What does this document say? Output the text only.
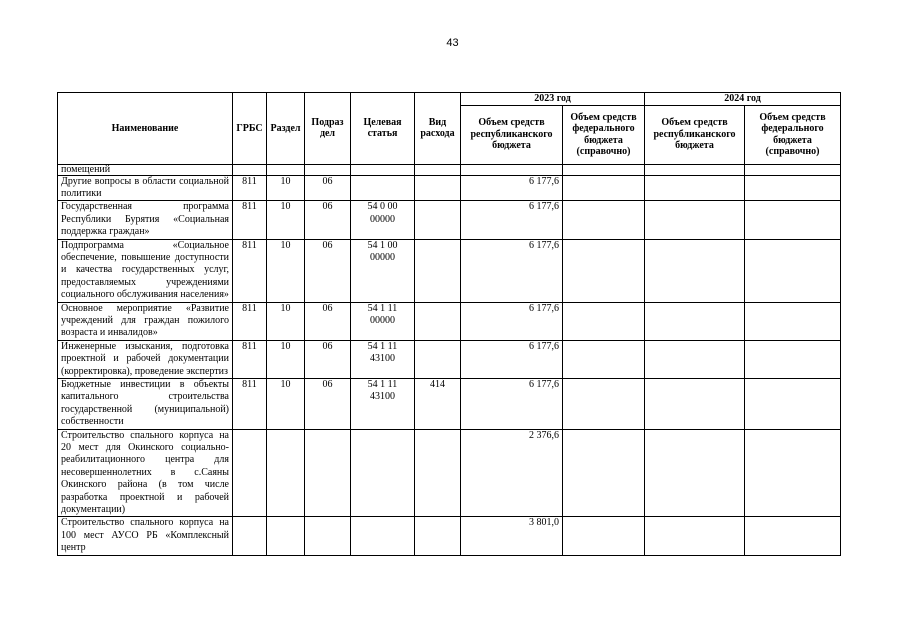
43
Наименование	ГРБС	Раздел	Подраз дел	Целевая статья	Вид расхода	2023 год		2024 год	
						Объем средств республиканского бюджета	Объем средств федерального бюджета (справочно)	Объем средств республиканского бюджета	Объем средств федерального бюджета (справочно)
помещений									
Другие вопросы в области социальной политики	811	10	06			6 177,6			
Государственная программа Республики Бурятия «Социальная поддержка граждан»	811	10	06	54 0 00 00000		6 177,6			
Подпрограмма «Социальное обеспечение, повышение доступности и качества государственных услуг, предоставляемых учреждениями социального обслуживания населения»	811	10	06	54 1 00 00000		6 177,6			
Основное мероприятие «Развитие учреждений для граждан пожилого возраста и инвалидов»	811	10	06	54 1 11 00000		6 177,6			
Инженерные изыскания, подготовка проектной и рабочей документации (корректировка), проведение экспертиз	811	10	06	54 1 11 43100		6 177,6			
Бюджетные инвестиции в объекты капитального строительства государственной (муниципальной) собственности	811	10	06	54 1 11 43100	414	6 177,6			
Строительство спального корпуса на 20 мест для Окинского социально-реабилитационного центра для несовершеннолетних в с.Саяны Окинского района (в том числе разработка проектной и рабочей документации)						2 376,6			
Строительство спального корпуса на 100 мест АУСО РБ «Комплексный центр						3 801,0			
